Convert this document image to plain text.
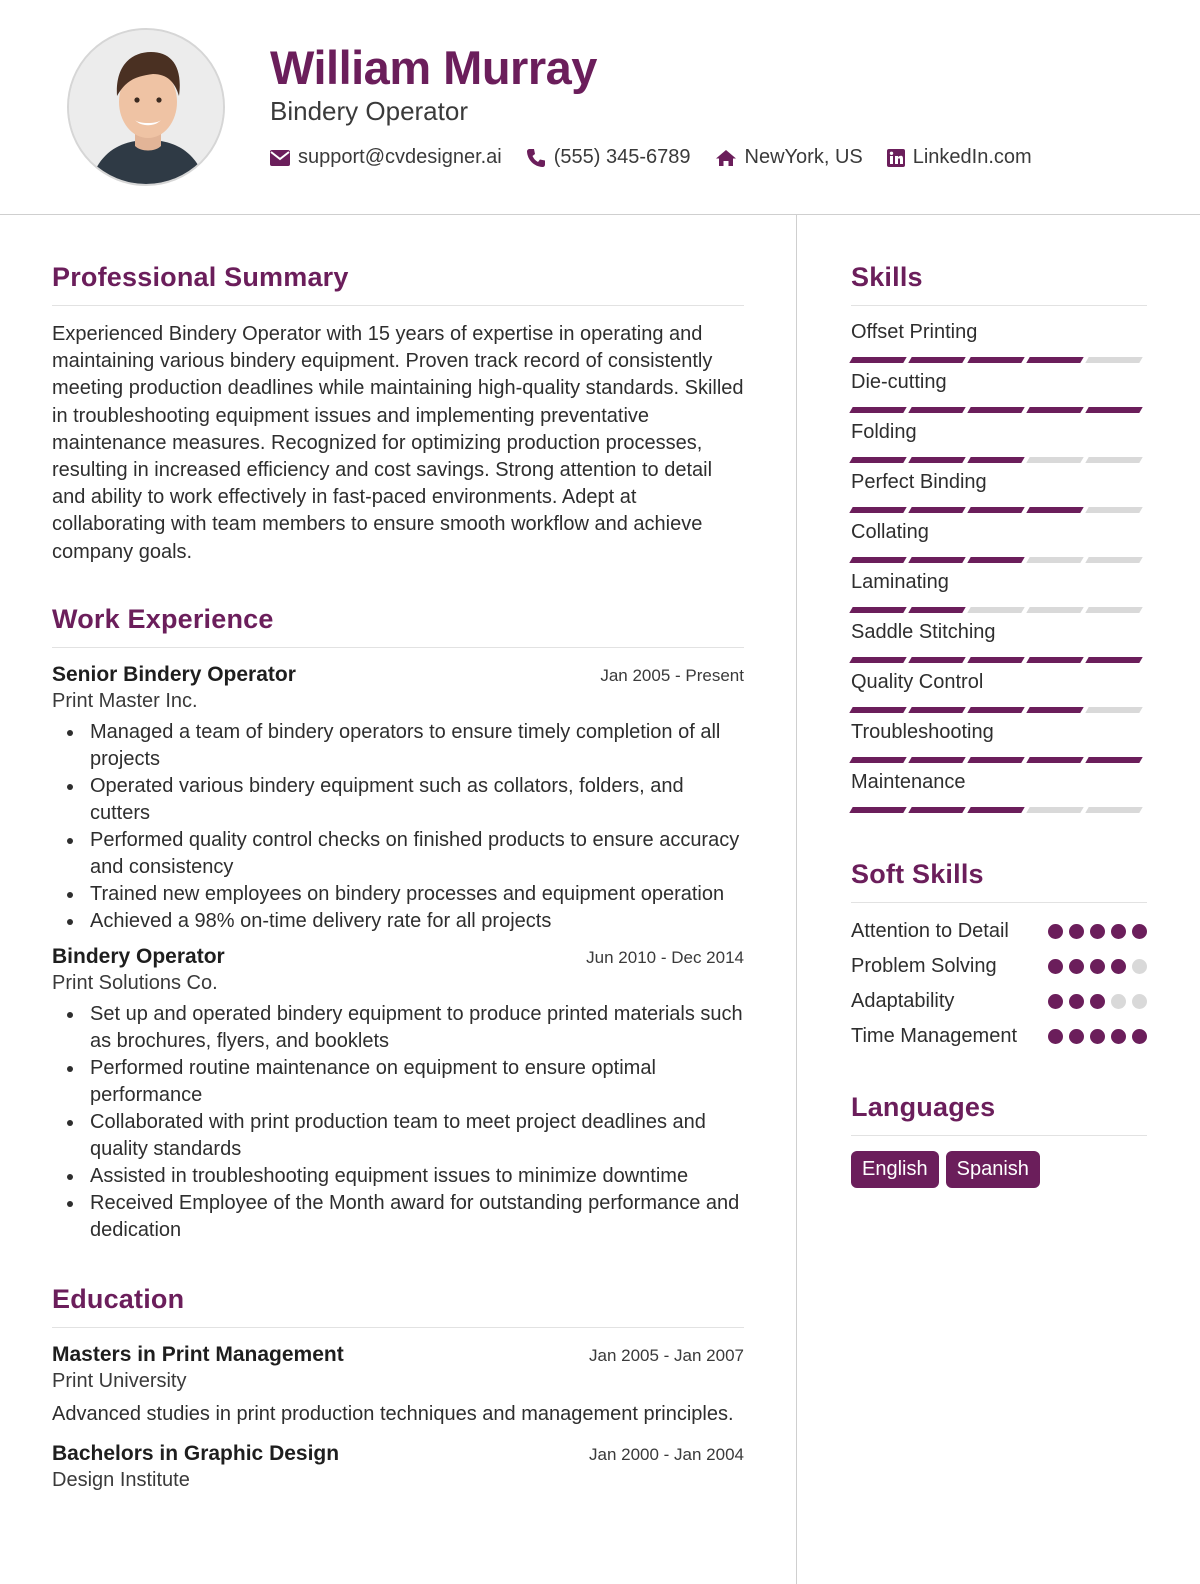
William Murray
Bindery Operator
support@cvdesigner.ai	(555) 345-6789	NewYork, US	LinkedIn.com
Professional Summary

Experienced Bindery Operator with 15 years of expertise in operating and maintaining various bindery equipment. Proven track record of consistently meeting production deadlines while maintaining high-quality standards. Skilled in troubleshooting equipment issues and implementing preventative maintenance measures. Recognized for optimizing production processes, resulting in increased efficiency and cost savings. Strong attention to detail and ability to work effectively in fast-paced environments. Adept at collaborating with team members to ensure smooth workflow and achieve company goals.

Work Experience
Senior Bindery Operator	Jan 2005 - Present
Print Master Inc.
Managed a team of bindery operators to ensure timely completion of all projects
Operated various bindery equipment such as collators, folders, and cutters
Performed quality control checks on finished products to ensure accuracy and consistency
Trained new employees on bindery processes and equipment operation
Achieved a 98% on-time delivery rate for all projects
Bindery Operator	Jun 2010 - Dec 2014
Print Solutions Co.
Set up and operated bindery equipment to produce printed materials such as brochures, flyers, and booklets
Performed routine maintenance on equipment to ensure optimal performance
Collaborated with print production team to meet project deadlines and quality standards
Assisted in troubleshooting equipment issues to minimize downtime
Received Employee of the Month award for outstanding performance and dedication
Education
Masters in Print Management	Jan 2005 - Jan 2007
Print University

Advanced studies in print production techniques and management principles.

Bachelors in Graphic Design	Jan 2000 - Jan 2004
Design Institute
Skills
Offset Printing
Die-cutting
Folding
Perfect Binding
Collating
Laminating
Saddle Stitching
Quality Control
Troubleshooting
Maintenance
Soft Skills
Attention to Detail
Problem Solving
Adaptability
Time Management
Languages
English	Spanish
